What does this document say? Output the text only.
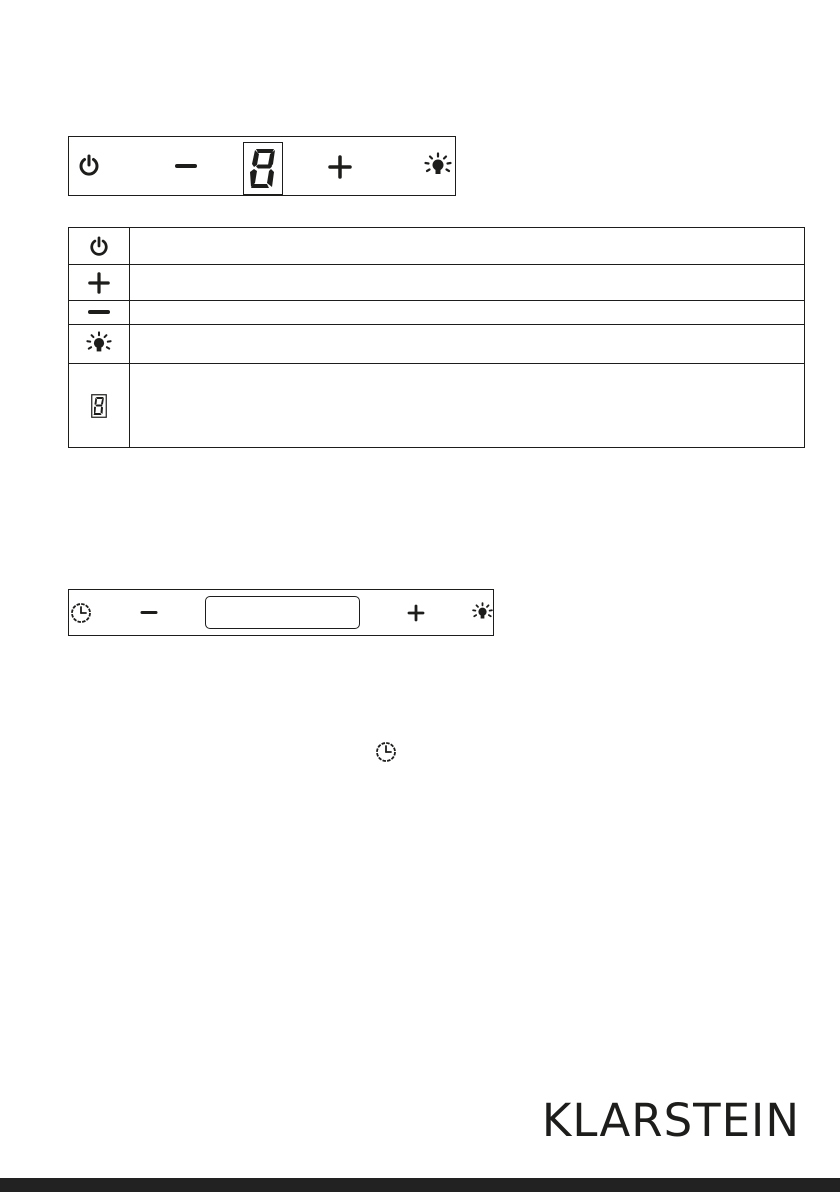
KLARSTEIN
